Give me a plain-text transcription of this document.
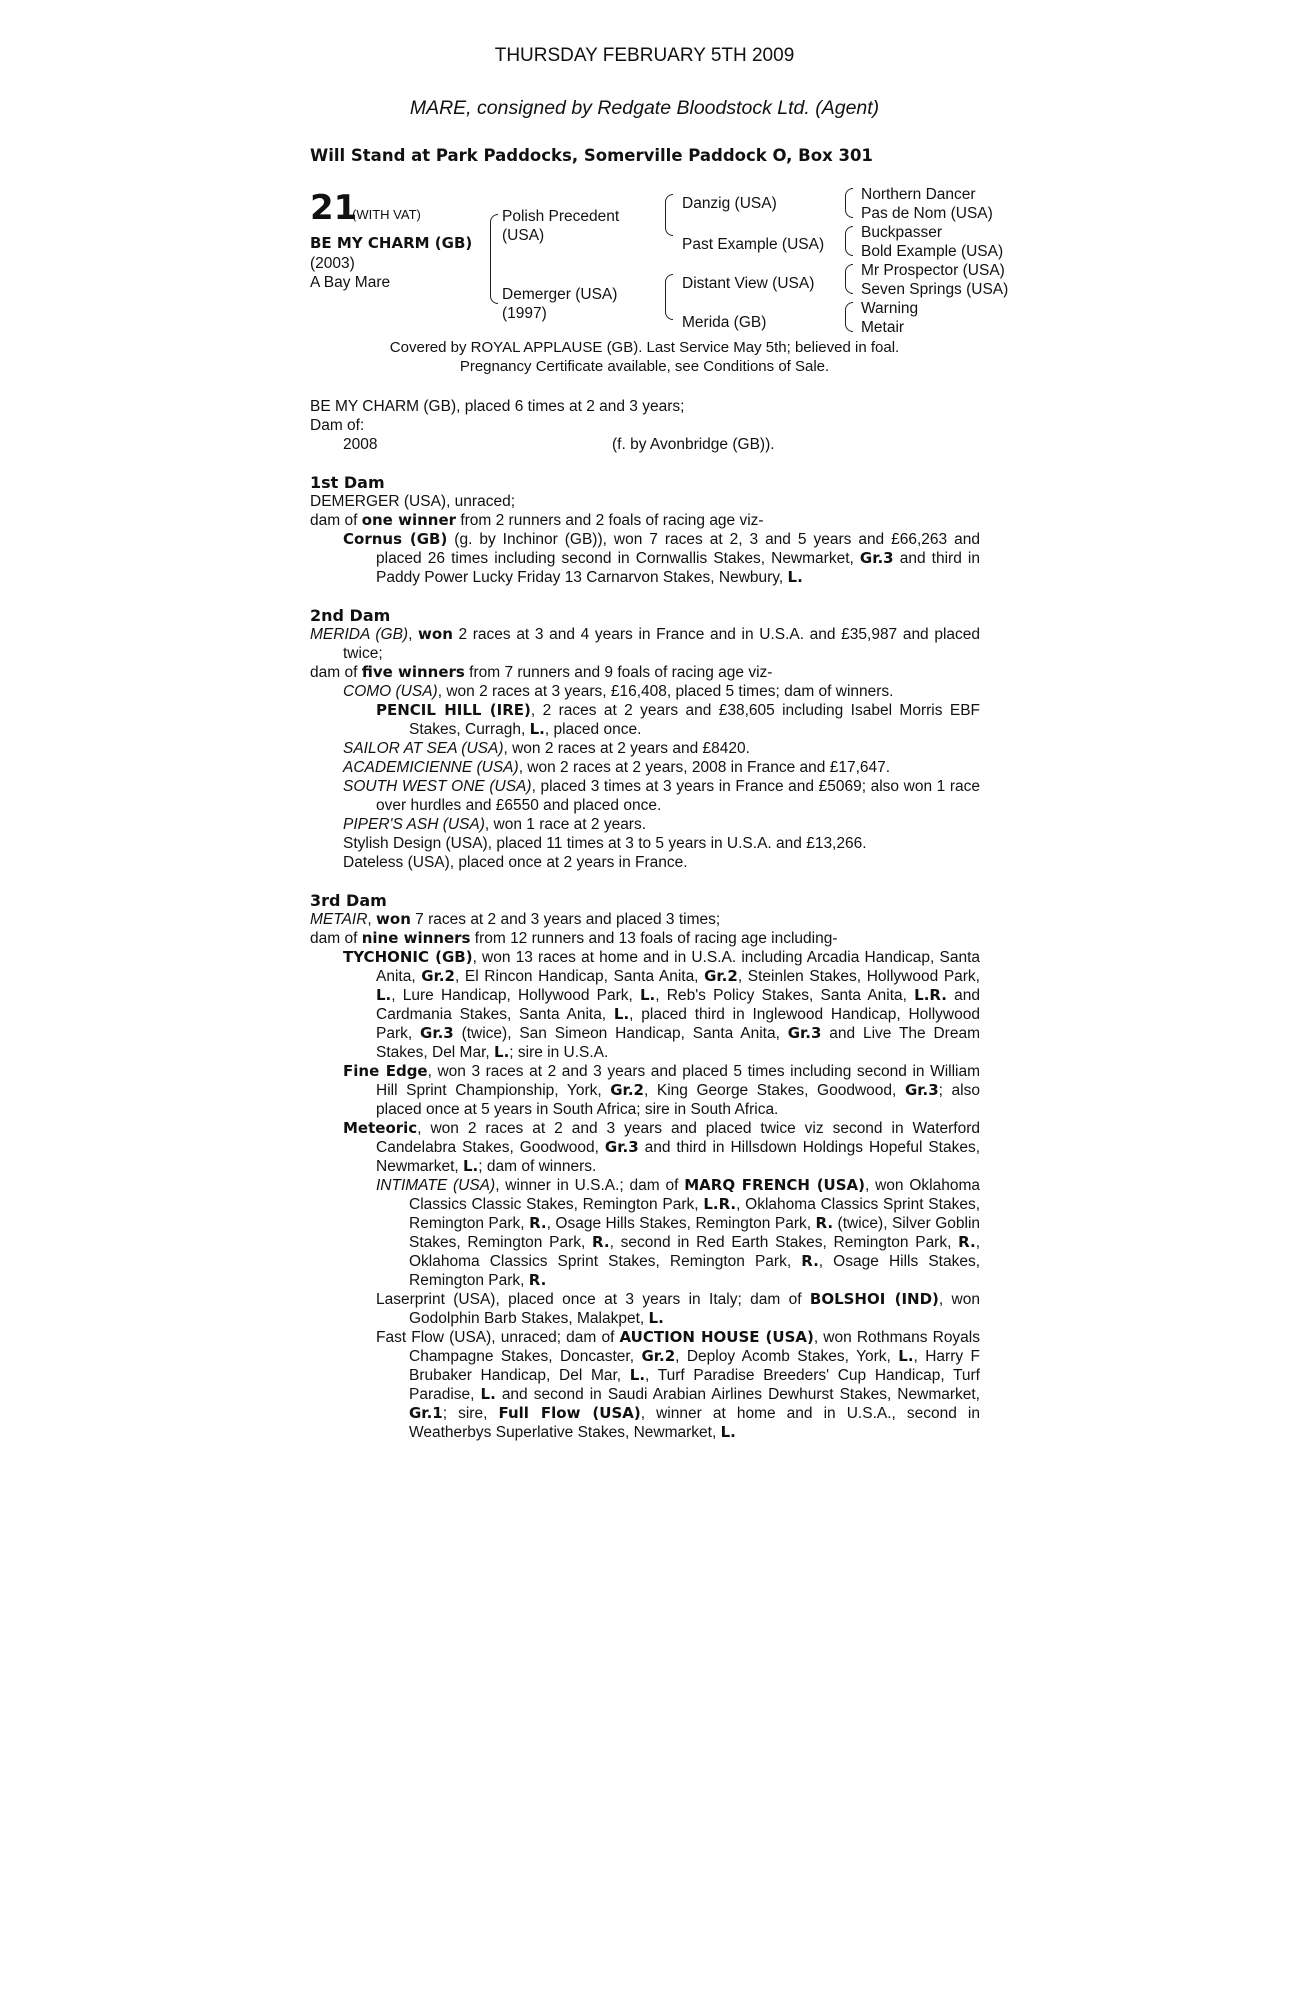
THURSDAY FEBRUARY 5TH 2009
MARE, consigned by Redgate Bloodstock Ltd. (Agent)
Will Stand at Park Paddocks, Somerville Paddock O, Box 301
21
(WITH VAT)
BE MY CHARM (GB)
(2003)
A Bay Mare
Polish Precedent
(USA)
Demerger (USA)
(1997)
Danzig (USA)
Past Example (USA)
Distant View (USA)
Merida (GB)
Northern Dancer
Pas de Nom (USA)
Buckpasser
Bold Example (USA)
Mr Prospector (USA)
Seven Springs (USA)
Warning
Metair
Covered by ROYAL APPLAUSE (GB). Last Service May 5th; believed in foal.
Pregnancy Certificate available, see Conditions of Sale.
BE MY CHARM (GB), placed 6 times at 2 and 3 years;
Dam of:
2008	(f. by Avonbridge (GB)).
1st Dam
DEMERGER (USA), unraced;
dam of one winner from 2 runners and 2 foals of racing age viz-
Cornus (GB) (g. by Inchinor (GB)), won 7 races at 2, 3 and 5 years and £66,263 and placed 26 times including second in Cornwallis Stakes, Newmarket, Gr.3 and third in Paddy Power Lucky Friday 13 Carnarvon Stakes, Newbury, L.
2nd Dam
MERIDA (GB), won 2 races at 3 and 4 years in France and in U.S.A. and £35,987 and placed twice;
dam of five winners from 7 runners and 9 foals of racing age viz-
COMO (USA), won 2 races at 3 years, £16,408, placed 5 times; dam of winners.
PENCIL HILL (IRE), 2 races at 2 years and £38,605 including Isabel Morris EBF Stakes, Curragh, L., placed once.
SAILOR AT SEA (USA), won 2 races at 2 years and £8420.
ACADEMICIENNE (USA), won 2 races at 2 years, 2008 in France and £17,647.
SOUTH WEST ONE (USA), placed 3 times at 3 years in France and £5069; also won 1 race over hurdles and £6550 and placed once.
PIPER'S ASH (USA), won 1 race at 2 years.
Stylish Design (USA), placed 11 times at 3 to 5 years in U.S.A. and £13,266.
Dateless (USA), placed once at 2 years in France.
3rd Dam
METAIR, won 7 races at 2 and 3 years and placed 3 times;
dam of nine winners from 12 runners and 13 foals of racing age including-
TYCHONIC (GB), won 13 races at home and in U.S.A. including Arcadia Handicap, Santa Anita, Gr.2, El Rincon Handicap, Santa Anita, Gr.2, Steinlen Stakes, Hollywood Park, L., Lure Handicap, Hollywood Park, L., Reb's Policy Stakes, Santa Anita, L.R. and Cardmania Stakes, Santa Anita, L., placed third in Inglewood Handicap, Hollywood Park, Gr.3 (twice), San Simeon Handicap, Santa Anita, Gr.3 and Live The Dream Stakes, Del Mar, L.; sire in U.S.A.
Fine Edge, won 3 races at 2 and 3 years and placed 5 times including second in William Hill Sprint Championship, York, Gr.2, King George Stakes, Goodwood, Gr.3; also placed once at 5 years in South Africa; sire in South Africa.
Meteoric, won 2 races at 2 and 3 years and placed twice viz second in Waterford Candelabra Stakes, Goodwood, Gr.3 and third in Hillsdown Holdings Hopeful Stakes, Newmarket, L.; dam of winners.
INTIMATE (USA), winner in U.S.A.; dam of MARQ FRENCH (USA), won Oklahoma Classics Classic Stakes, Remington Park, L.R., Oklahoma Classics Sprint Stakes, Remington Park, R., Osage Hills Stakes, Remington Park, R. (twice), Silver Goblin Stakes, Remington Park, R., second in Red Earth Stakes, Remington Park, R., Oklahoma Classics Sprint Stakes, Remington Park, R., Osage Hills Stakes, Remington Park, R.
Laserprint (USA), placed once at 3 years in Italy; dam of BOLSHOI (IND), won Godolphin Barb Stakes, Malakpet, L.
Fast Flow (USA), unraced; dam of AUCTION HOUSE (USA), won Rothmans Royals Champagne Stakes, Doncaster, Gr.2, Deploy Acomb Stakes, York, L., Harry F Brubaker Handicap, Del Mar, L., Turf Paradise Breeders' Cup Handicap, Turf Paradise, L. and second in Saudi Arabian Airlines Dewhurst Stakes, Newmarket, Gr.1; sire, Full Flow (USA), winner at home and in U.S.A., second in Weatherbys Superlative Stakes, Newmarket, L.
